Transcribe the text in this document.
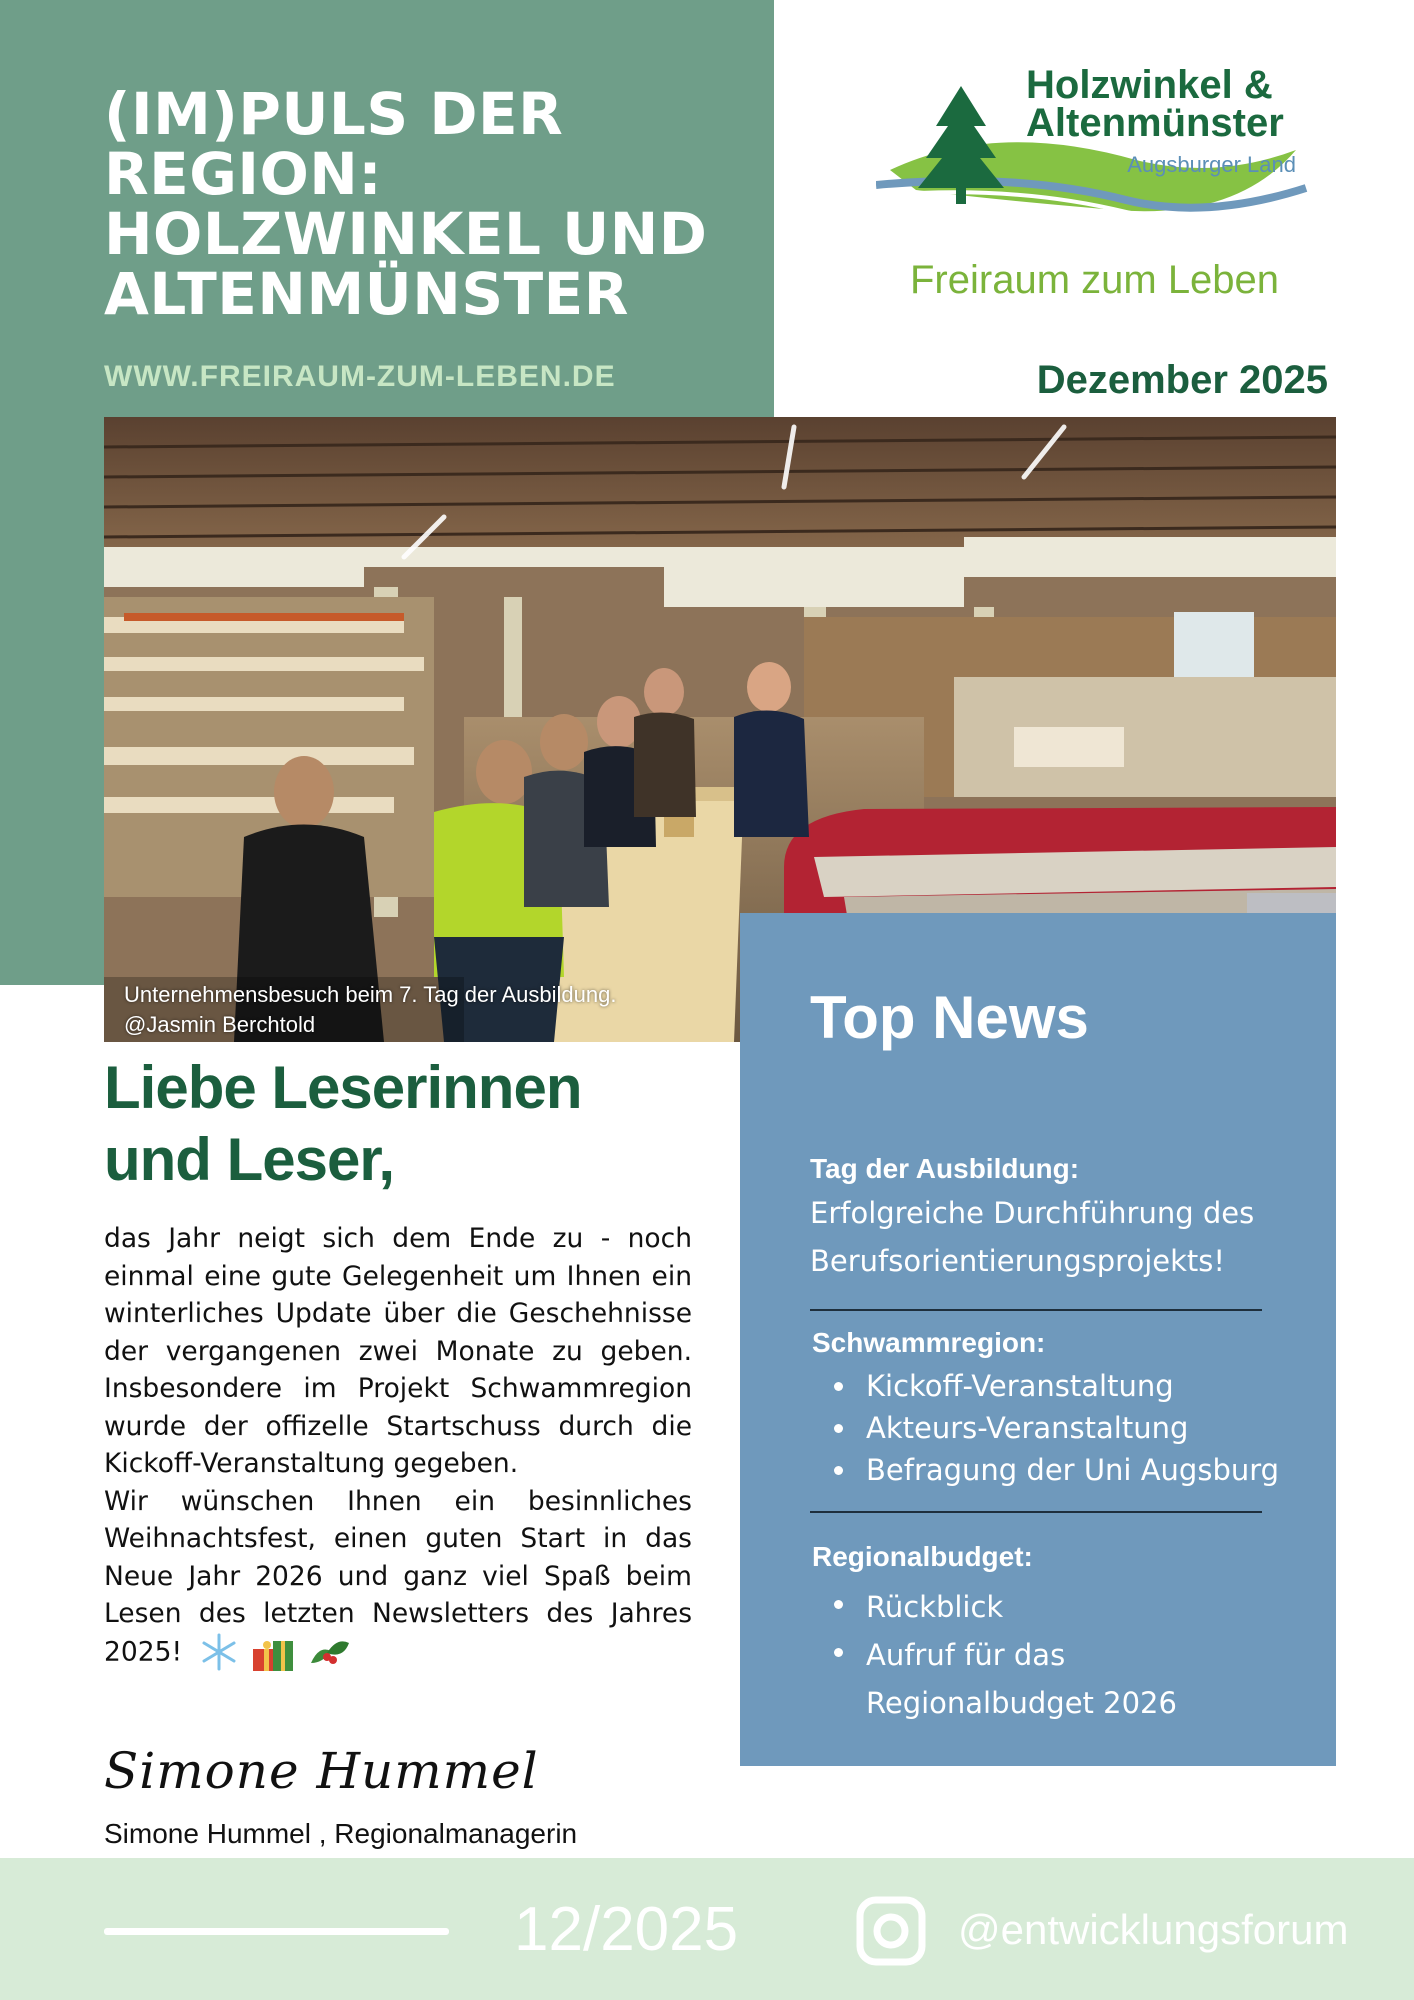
(IM)PULS DER
REGION:
HOLZWINKEL UND
ALTENMÜNSTER
WWW.FREIRAUM-ZUM-LEBEN.DE
Holzwinkel &
Altenmünster
Augsburger Land
Freiraum zum Leben
Dezember 2025
Unternehmensbesuch beim 7. Tag der Ausbildung.
@Jasmin Berchtold	Top News
Tag der Ausbildung:
Erfolgreiche Durchführung des
Berufsorientierungsprojekts!
Schwammregion:
Kickoff-Veranstaltung
Akteurs-Veranstaltung
Befragung der Uni Augsburg
Regionalbudget:
Rückblick
Aufruf für das
Regionalbudget 2026
Liebe Leserinnen
und Leser,

das Jahr neigt sich dem Ende zu - noch einmal eine gute Gelegenheit um Ihnen ein winterliches Update über die Geschehnisse der vergangenen zwei Monate zu geben. Insbesondere im Projekt Schwammregion wurde der offizelle Startschuss durch die Kickoff-Veranstaltung gegeben.

Wir wünschen Ihnen ein besinnliches Weihnachtsfest, einen guten Start in das Neue Jahr 2026 und ganz viel Spaß beim Lesen des letzten Newsletters des Jahres 2025!

Simone Hummel
Simone Hummel , Regionalmanagerin
12/2025	@entwicklungsforum
